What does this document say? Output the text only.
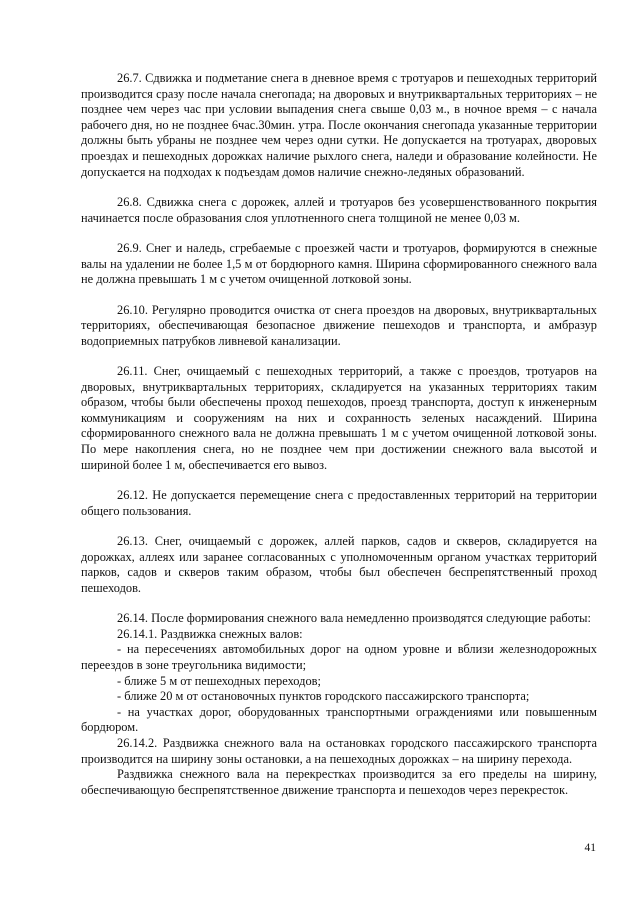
26.7. Сдвижка и подметание снега в дневное время с тротуаров и пешеходных территорий производится сразу после начала снегопада; на дворовых и внутриквартальных территориях – не позднее чем через час при условии выпадения снега свыше 0,03 м., в ночное время – с начала рабочего дня, но не позднее 6час.30мин. утра. После окончания снегопада указанные территории должны быть убраны не позднее чем через одни сутки. Не допускается на тротуарах, дворовых проездах и пешеходных дорожках наличие рыхлого снега, наледи и образование колейности. Не допускается на подходах к подъездам домов наличие снежно-ледяных образований.

26.8. Сдвижка снега с дорожек, аллей и тротуаров без усовершенствованного покрытия начинается после образования слоя уплотненного снега толщиной не менее 0,03 м.

26.9. Снег и наледь, сгребаемые с проезжей части и тротуаров, формируются в снежные валы на удалении не более 1,5 м от бордюрного камня. Ширина сформированного снежного вала не должна превышать 1 м с учетом очищенной лотковой зоны.

26.10. Регулярно проводится очистка от снега проездов на дворовых, внутриквартальных территориях, обеспечивающая безопасное движение пешеходов и транспорта, и амбразур водоприемных патрубков ливневой канализации.

26.11. Снег, очищаемый с пешеходных территорий, а также с проездов, тротуаров на дворовых, внутриквартальных территориях, складируется на указанных территориях таким образом, чтобы были обеспечены проход пешеходов, проезд транспорта, доступ к инженерным коммуникациям и сооружениям на них и сохранность зеленых насаждений. Ширина сформированного снежного вала не должна превышать 1 м с учетом очищенной лотковой зоны. По мере накопления снега, но не позднее чем при достижении снежного вала высотой и шириной более 1 м, обеспечивается его вывоз.

26.12. Не допускается перемещение снега с предоставленных территорий на территории общего пользования.

26.13. Снег, очищаемый с дорожек, аллей парков, садов и скверов, складируется на дорожках, аллеях или заранее согласованных с уполномоченным органом участках территорий парков, садов и скверов таким образом, чтобы был обеспечен беспрепятственный проход пешеходов.

26.14. После формирования снежного вала немедленно производятся следующие работы:

26.14.1. Раздвижка снежных валов:

- на пересечениях автомобильных дорог на одном уровне и вблизи железнодорожных переездов в зоне треугольника видимости;

- ближе 5 м от пешеходных переходов;

- ближе 20 м от остановочных пунктов городского пассажирского транспорта;

- на участках дорог, оборудованных транспортными ограждениями или повышенным бордюром.

26.14.2. Раздвижка снежного вала на остановках городского пассажирского транспорта производится на ширину зоны остановки, а на пешеходных дорожках – на ширину перехода.

Раздвижка снежного вала на перекрестках производится за его пределы на ширину, обеспечивающую беспрепятственное движение транспорта и пешеходов через перекресток.

41
